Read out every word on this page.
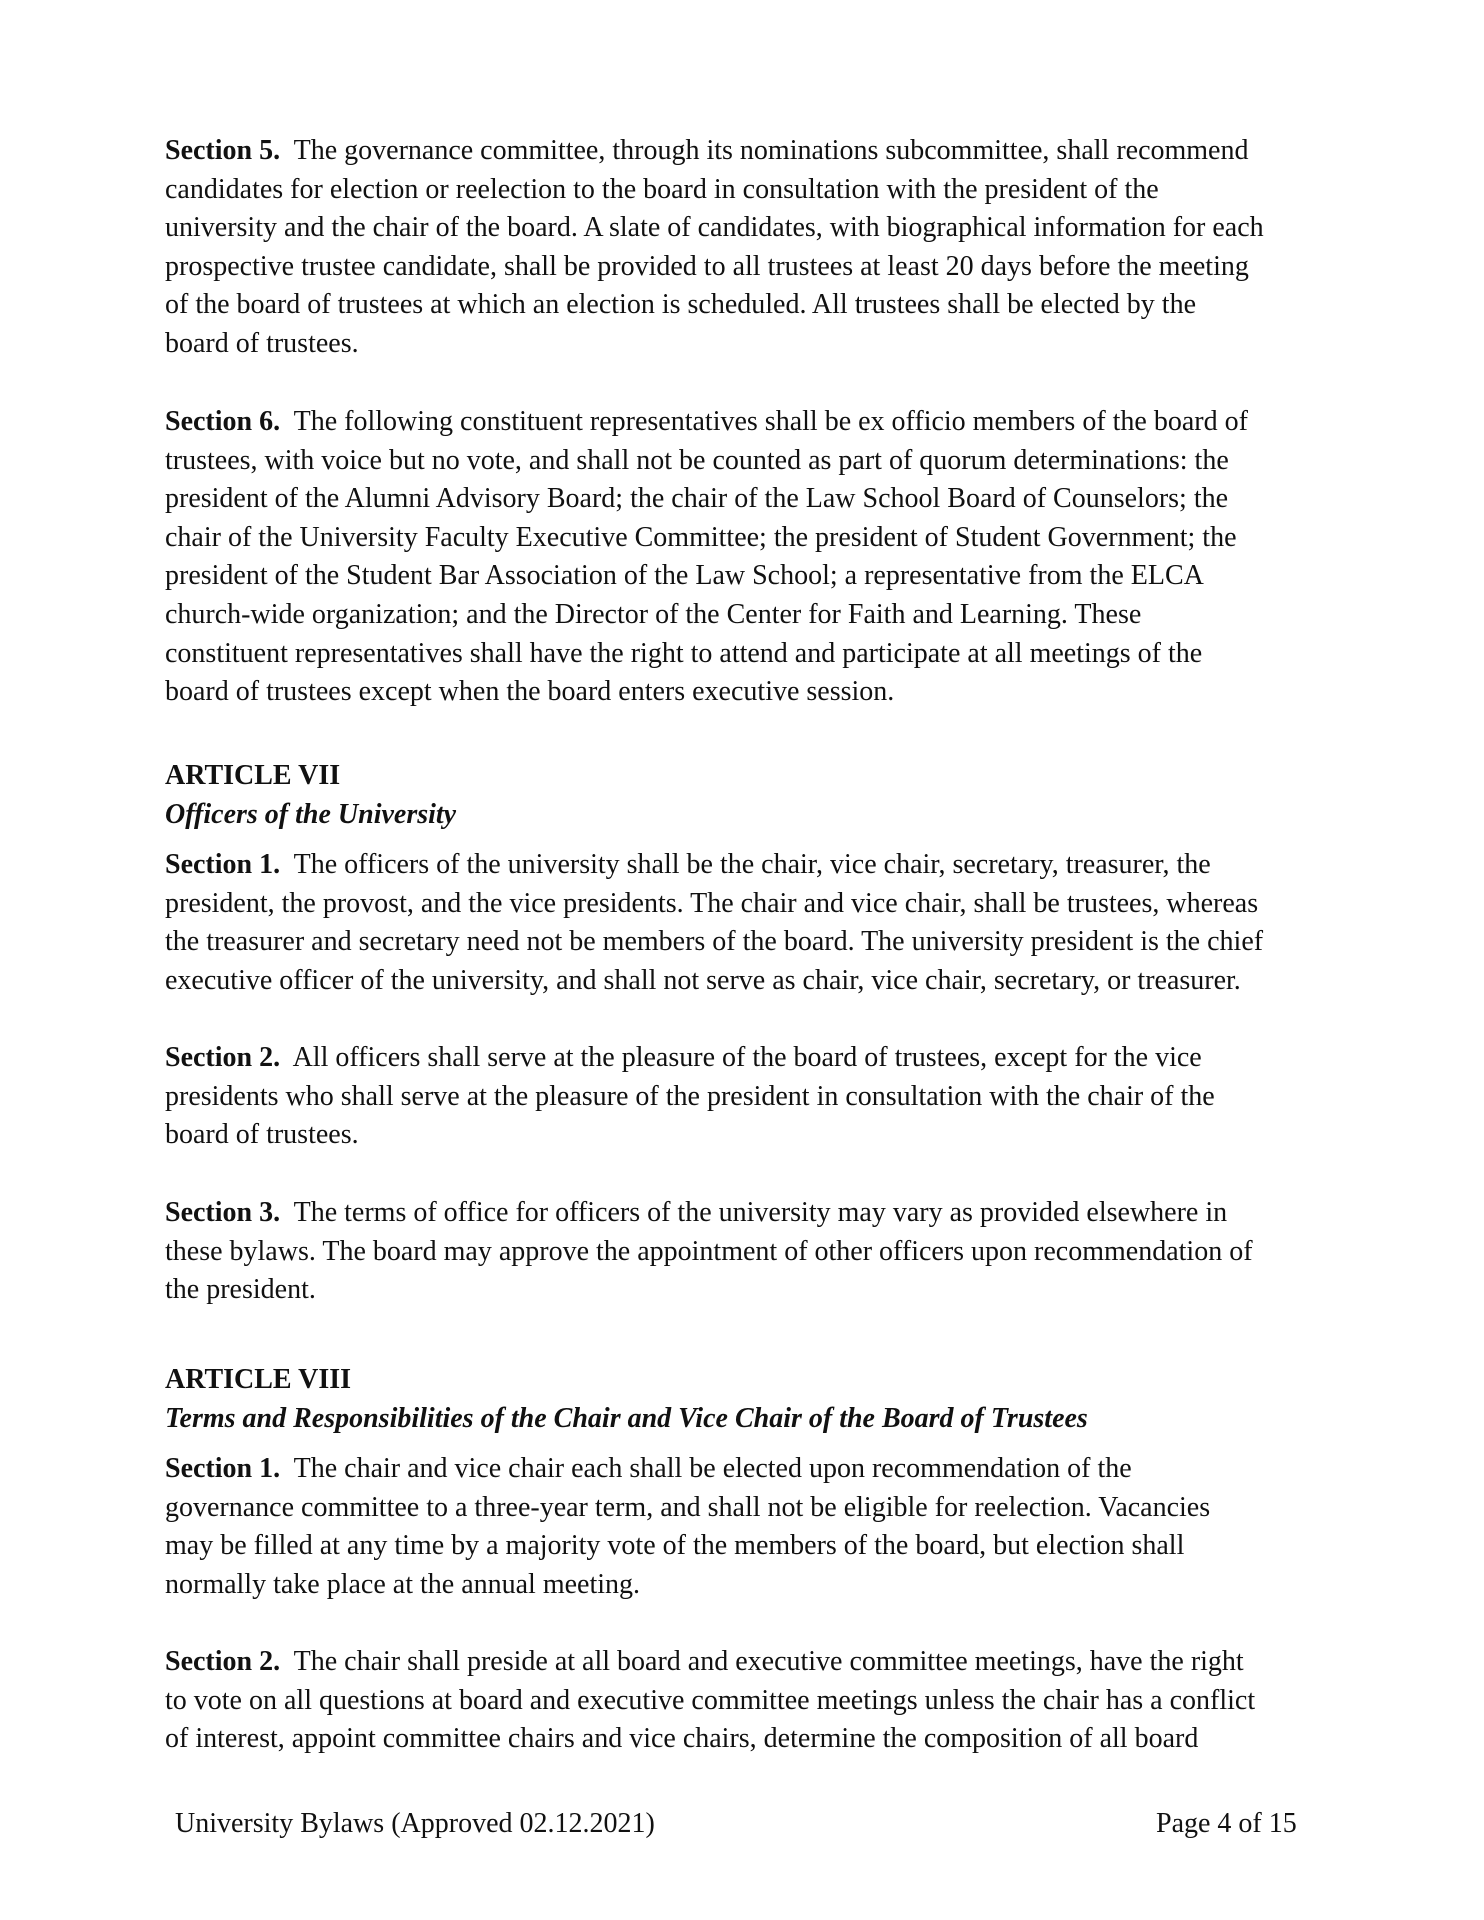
Section 5. The governance committee, through its nominations subcommittee, shall recommend
candidates for election or reelection to the board in consultation with the president of the
university and the chair of the board. A slate of candidates, with biographical information for each
prospective trustee candidate, shall be provided to all trustees at least 20 days before the meeting
of the board of trustees at which an election is scheduled. All trustees shall be elected by the
board of trustees.
Section 6. The following constituent representatives shall be ex officio members of the board of
trustees, with voice but no vote, and shall not be counted as part of quorum determinations: the
president of the Alumni Advisory Board; the chair of the Law School Board of Counselors; the
chair of the University Faculty Executive Committee; the president of Student Government; the
president of the Student Bar Association of the Law School; a representative from the ELCA
church-wide organization; and the Director of the Center for Faith and Learning. These
constituent representatives shall have the right to attend and participate at all meetings of the
board of trustees except when the board enters executive session.
ARTICLE VII
Officers of the University
Section 1. The officers of the university shall be the chair, vice chair, secretary, treasurer, the
president, the provost, and the vice presidents. The chair and vice chair, shall be trustees, whereas
the treasurer and secretary need not be members of the board. The university president is the chief
executive officer of the university, and shall not serve as chair, vice chair, secretary, or treasurer.
Section 2. All officers shall serve at the pleasure of the board of trustees, except for the vice
presidents who shall serve at the pleasure of the president in consultation with the chair of the
board of trustees.
Section 3. The terms of office for officers of the university may vary as provided elsewhere in
these bylaws. The board may approve the appointment of other officers upon recommendation of
the president.
ARTICLE VIII
Terms and Responsibilities of the Chair and Vice Chair of the Board of Trustees
Section 1. The chair and vice chair each shall be elected upon recommendation of the
governance committee to a three-year term, and shall not be eligible for reelection. Vacancies
may be filled at any time by a majority vote of the members of the board, but election shall
normally take place at the annual meeting.
Section 2. The chair shall preside at all board and executive committee meetings, have the right
to vote on all questions at board and executive committee meetings unless the chair has a conflict
of interest, appoint committee chairs and vice chairs, determine the composition of all board
University Bylaws (Approved 02.12.2021)	Page 4 of 15
